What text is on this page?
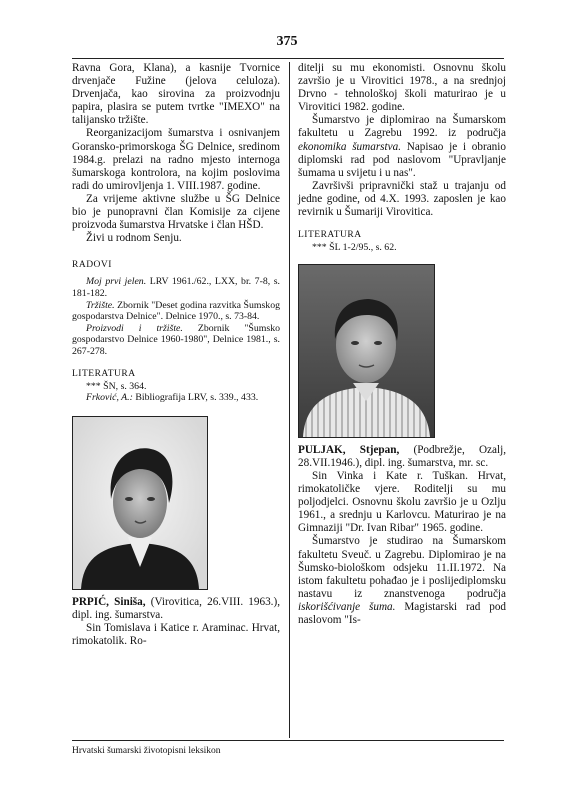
375

Ravna Gora, Klana), a kasnije Tvornice drvenjače Fužine (jelova celuloza). Drvenjača, kao sirovina za proizvodnju papira, plasira se putem tvrtke "IMEXO" na talijansko tržište.

Reorganizacijom šumarstva i osnivanjem Goransko-primorskoga ŠG Delnice, sredinom 1984.g. prelazi na radno mjesto internoga šumarskoga kontrolora, na kojim poslovima radi do umirovljenja 1. VIII.1987. godine.

Za vrijeme aktivne službe u ŠG Delnice bio je punopravni član Komisije za cijene proizvoda šumarstva Hrvatske i član HŠD.

Živi u rodnom Senju.

RADOVI

Moj prvi jelen. LRV 1961./62., LXX, br. 7-8, s. 181-182.

Tržište. Zbornik "Deset godina razvitka Šumskog gospodarstva Delnice". Delnice 1970., s. 73-84.

Proizvodi i tržište. Zbornik "Šumsko gospodarstvo Delnice 1960-1980", Delnice 1981., s. 267-278.

LITERATURA

*** ŠN, s. 364.

Frković, A.: Bibliografija LRV, s. 339., 433.

PRPIĆ, Siniša, (Virovitica, 26.VIII. 1963.), dipl. ing. šumarstva.

Sin Tomislava i Katice r. Araminac. Hrvat, rimokatolik. Ro-

ditelji su mu ekonomisti. Osnovnu školu završio je u Virovitici 1978., a na srednjoj Drvno - tehnološkoj školi maturirao je u Virovitici 1982. godine.

Šumarstvo je diplomirao na Šumarskom fakultetu u Zagrebu 1992. iz područja ekonomika šumarstva. Napisao je i obranio diplomski rad pod naslovom "Upravljanje šumama u svijetu i u nas".

Završivši pripravnički staž u trajanju od jedne godine, od 4.X. 1993. zaposlen je kao revirnik u Šumariji Virovitica.

LITERATURA

*** ŠL 1-2/95., s. 62.

PULJAK, Stjepan, (Podbrežje, Ozalj, 28.VII.1946.), dipl. ing. šumarstva, mr. sc.

Sin Vinka i Kate r. Tuškan. Hrvat, rimokatoličke vjere. Roditelji su mu poljodjelci. Osnovnu školu završio je u Ozlju 1961., a srednju u Karlovcu. Maturirao je na Gimnaziji "Dr. Ivan Ribar" 1965. godine.

Šumarstvo je studirao na Šumarskom fakultetu Sveuč. u Zagrebu. Diplomirao je na Šumsko-biološkom odsjeku 11.II.1972. Na istom fakultetu pohađao je i poslijediplomsku nastavu iz znanstvenoga područja iskorišćivanje šuma. Magistarski rad pod naslovom "Is-

Hrvatski šumarski životopisni leksikon
